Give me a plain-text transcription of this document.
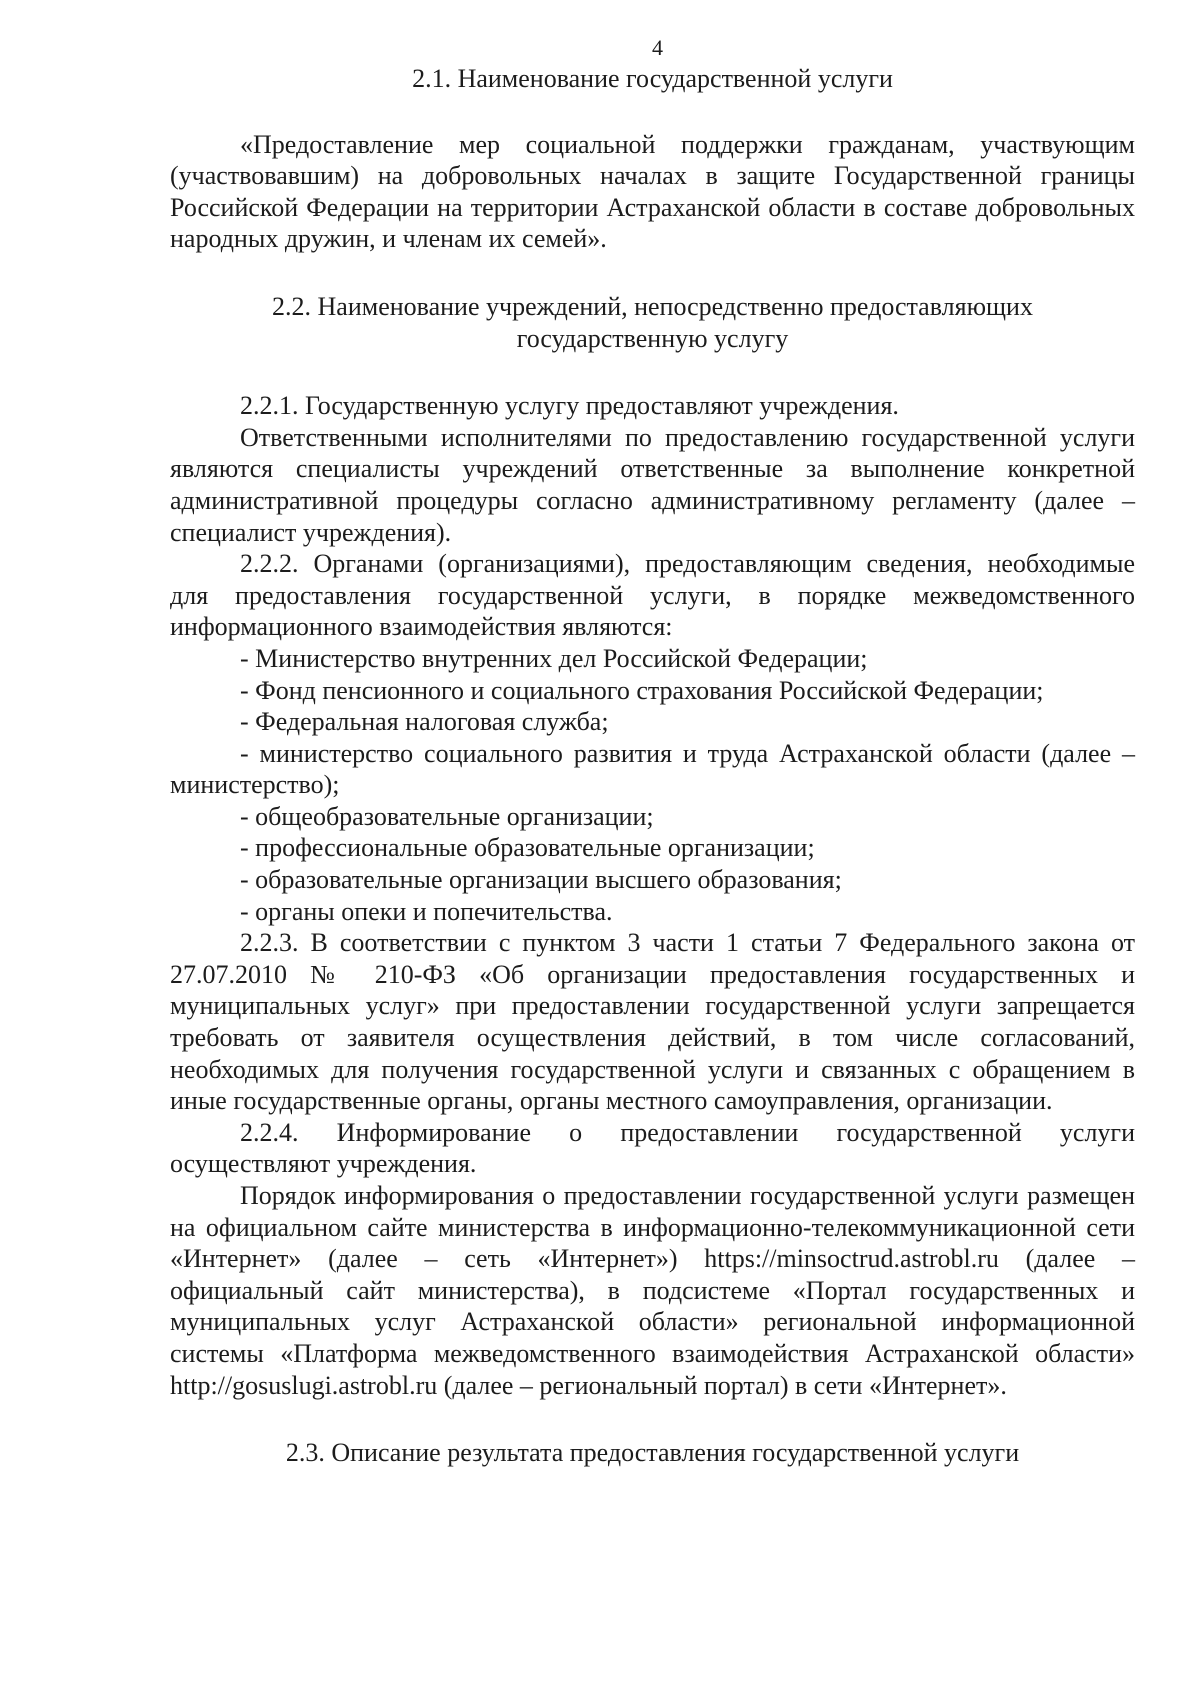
4

2.1. Наименование государственной услуги

«Предоставление мер социальной поддержки гражданам, участвующим (участвовавшим) на добровольных началах в защите Государственной границы Российской Федерации на территории Астраханской области в составе добровольных народных дружин, и членам их семей».

2.2. Наименование учреждений, непосредственно предоставляющих
государственную услугу

2.2.1. Государственную услугу предоставляют учреждения.

Ответственными исполнителями по предоставлению государственной услуги являются специалисты учреждений ответственные за выполнение конкретной административной процедуры согласно административному регламенту (далее – специалист учреждения).

2.2.2. Органами (организациями), предоставляющим сведения, необходимые для предоставления государственной услуги, в порядке межведомственного информационного взаимодействия являются:

- Министерство внутренних дел Российской Федерации;

- Фонд пенсионного и социального страхования Российской Федерации;

- Федеральная налоговая служба;

- министерство социального развития и труда Астраханской области (далее – министерство);

- общеобразовательные организации;

- профессиональные образовательные организации;

- образовательные организации высшего образования;

- органы опеки и попечительства.

2.2.3. В соответствии с пунктом 3 части 1 статьи 7 Федерального закона от 27.07.2010 № 210-ФЗ «Об организации предоставления государственных и муниципальных услуг» при предоставлении государственной услуги запрещается требовать от заявителя осуществления действий, в том числе согласований, необходимых для получения государственной услуги и связанных с обращением в иные государственные органы, органы местного самоуправления, организации.

2.2.4. Информирование о предоставлении государственной услуги осуществляют учреждения.

Порядок информирования о предоставлении государственной услуги размещен на официальном сайте министерства в информационно-телекоммуникационной сети «Интернет» (далее – сеть «Интернет») https://minsoctrud.astrobl.ru (далее – официальный сайт министерства), в подсистеме «Портал государственных и муниципальных услуг Астраханской области» региональной информационной системы «Платформа межведомственного взаимодействия Астраханской области» http://gosuslugi.astrobl.ru (далее – региональный портал) в сети «Интернет».

2.3. Описание результата предоставления государственной услуги
